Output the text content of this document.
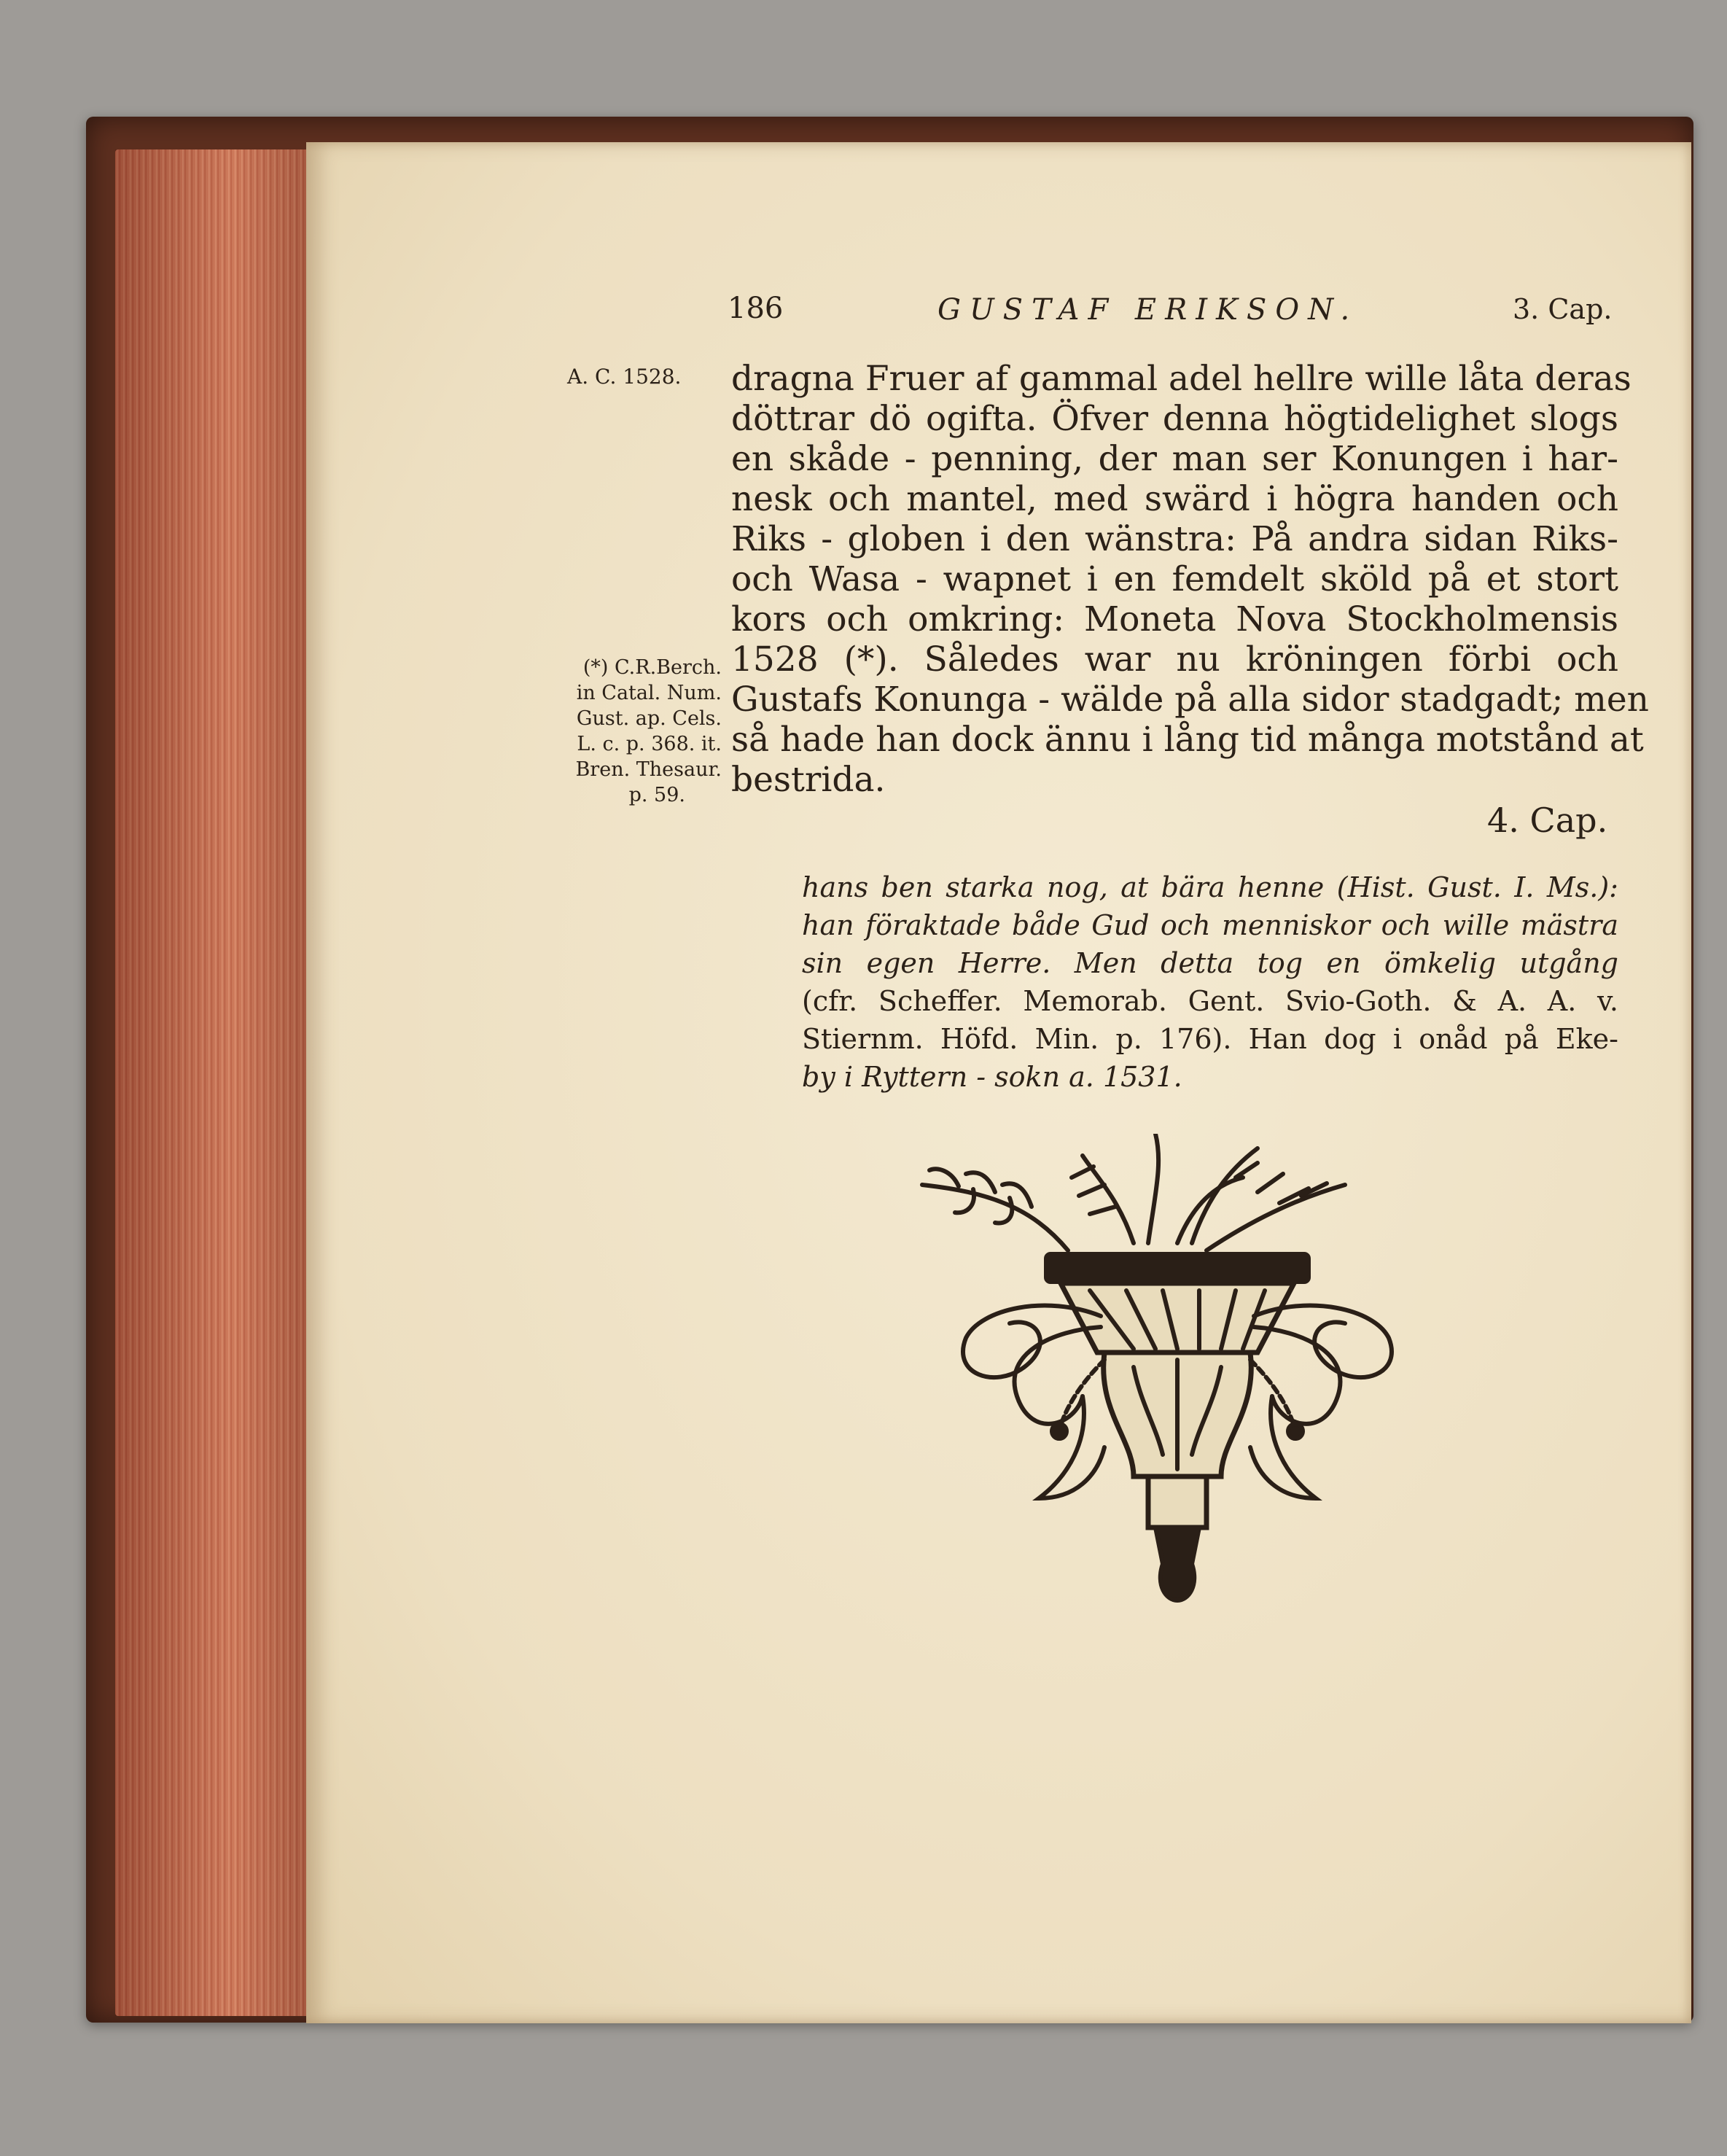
186	GUSTAF ERIKSON.	3. Cap.
A. C. 1528.
(*) C.R.Berch.
in Catal. Num.
Gust. ap. Cels.
L. c. p. 368. it.
Bren. Thesaur.
p. 59.
dragna Fruer af gammal adel hellre wille låta deras
döttrar dö ogifta. Öfver denna högtidelighet slogs
en skåde - penning, der man ser Konungen i har-
nesk och mantel, med swärd i högra handen och
Riks - globen i den wänstra: På andra sidan Riks-
och Wasa - wapnet i en femdelt sköld på et stort
kors och omkring: Moneta Nova Stockholmensis
1528 (*). Således war nu kröningen förbi och
Gustafs Konunga - wälde på alla sidor stadgadt; men
så hade han dock ännu i lång tid många motstånd at
bestrida.
4. Cap.
hans ben starka nog, at bära henne (Hist. Gust. I. Ms.):
han föraktade både Gud och menniskor och wille mästra
sin egen Herre. Men detta tog en ömkelig utgång
(cfr. Scheffer. Memorab. Gent. Svio-Goth. & A. A. v.
Stiernm. Höfd. Min. p. 176). Han dog i onåd på Eke-
by i Ryttern - sokn a. 1531.
